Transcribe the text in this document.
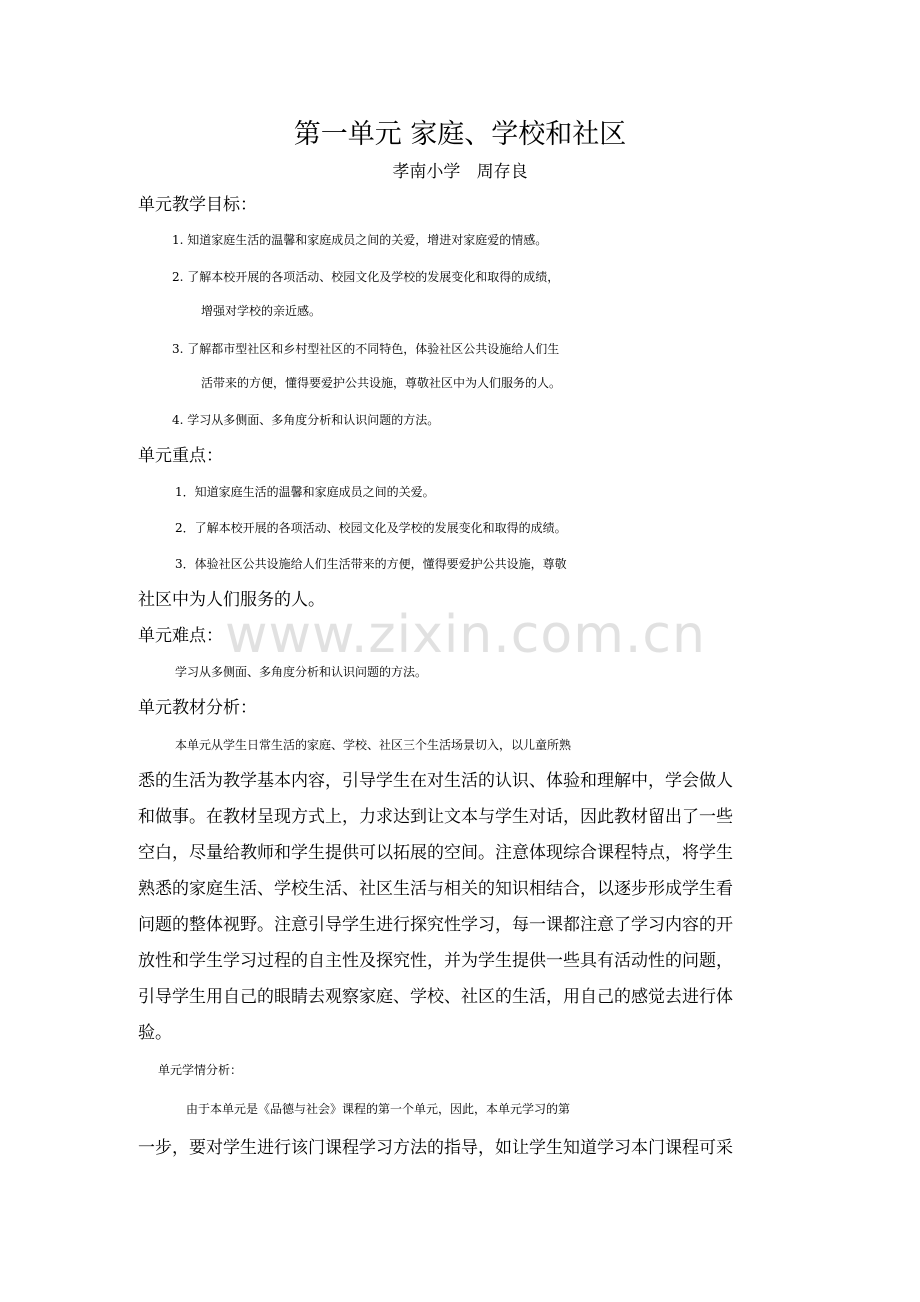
第一单元 家庭、学校和社区
孝南小学   周存良
www.zixin.com.cn
单元教学目标：
1. 知道家庭生活的温馨和家庭成员之间的关爱，增进对家庭爱的情感。
2. 了解本校开展的各项活动、校园文化及学校的发展变化和取得的成绩，
增强对学校的亲近感。
3. 了解都市型社区和乡村型社区的不同特色，体验社区公共设施给人们生
活带来的方便，懂得要爱护公共设施，尊敬社区中为人们服务的人。
4. 学习从多侧面、多角度分析和认识问题的方法。
单元重点：
1．知道家庭生活的温馨和家庭成员之间的关爱。
2．了解本校开展的各项活动、校园文化及学校的发展变化和取得的成绩。
3．体验社区公共设施给人们生活带来的方便，懂得要爱护公共设施，尊敬
社区中为人们服务的人。
单元难点：
学习从多侧面、多角度分析和认识问题的方法。
单元教材分析：
本单元从学生日常生活的家庭、学校、社区三个生活场景切入，以儿童所熟
悉的生活为教学基本内容，引导学生在对生活的认识、体验和理解中，学会做人
和做事。在教材呈现方式上，力求达到让文本与学生对话，因此教材留出了一些
空白，尽量给教师和学生提供可以拓展的空间。注意体现综合课程特点，将学生
熟悉的家庭生活、学校生活、社区生活与相关的知识相结合，以逐步形成学生看
问题的整体视野。注意引导学生进行探究性学习，每一课都注意了学习内容的开
放性和学生学习过程的自主性及探究性，并为学生提供一些具有活动性的问题，
引导学生用自己的眼睛去观察家庭、学校、社区的生活，用自己的感觉去进行体
验。
单元学情分析：
由于本单元是《品德与社会》课程的第一个单元，因此，本单元学习的第
一步，要对学生进行该门课程学习方法的指导，如让学生知道学习本门课程可采
